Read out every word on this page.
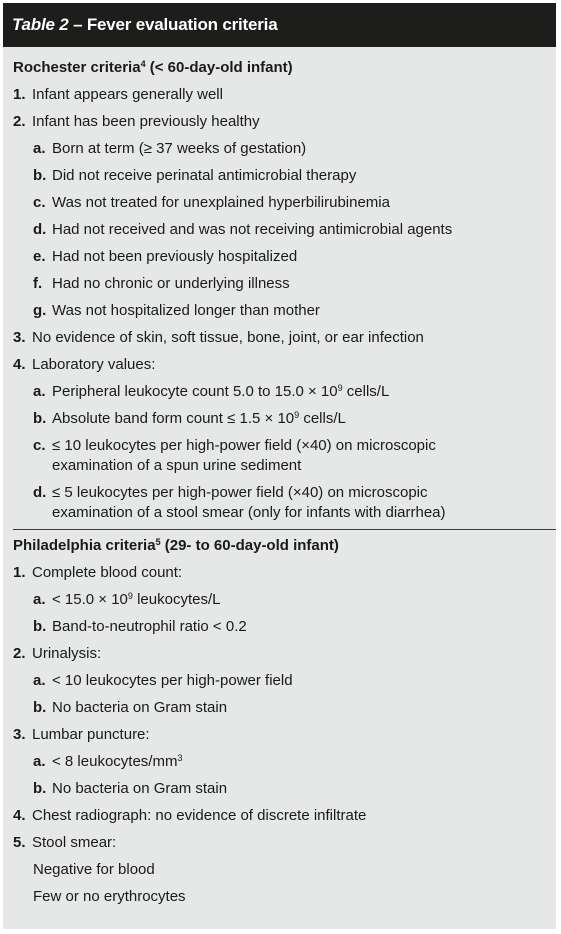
Table 2 – Fever evaluation criteria
Rochester criteria$^4$ (< 60-day-old infant)
1. Infant appears generally well
2. Infant has been previously healthy
a. Born at term (≥ 37 weeks of gestation)
b. Did not receive perinatal antimicrobial therapy
c. Was not treated for unexplained hyperbilirubinemia
d. Had not received and was not receiving antimicrobial agents
e. Had not been previously hospitalized
f. Had no chronic or underlying illness
g. Was not hospitalized longer than mother
3. No evidence of skin, soft tissue, bone, joint, or ear infection
4. Laboratory values:
a. Peripheral leukocyte count 5.0 to $15.0 \times 10^9$ cells/L
b. Absolute band form count ≤ $1.5 \times 10^9$ cells/L
c. ≤ 10 leukocytes per high-power field (×40) on microscopic
examination of a spun urine sediment
d. ≤ 5 leukocytes per high-power field (×40) on microscopic
examination of a stool smear (only for infants with diarrhea)
Philadelphia criteria$^5$ (29- to 60-day-old infant)
1. Complete blood count:
a. < $15.0 \times 10^9$ leukocytes/L
b. Band-to-neutrophil ratio < 0.2
2. Urinalysis:
a. < 10 leukocytes per high-power field
b. No bacteria on Gram stain
3. Lumbar puncture:
a. < 8 leukocytes/$mm^3$
b. No bacteria on Gram stain
4. Chest radiograph: no evidence of discrete infiltrate
5. Stool smear:
Negative for blood
Few or no erythrocytes
